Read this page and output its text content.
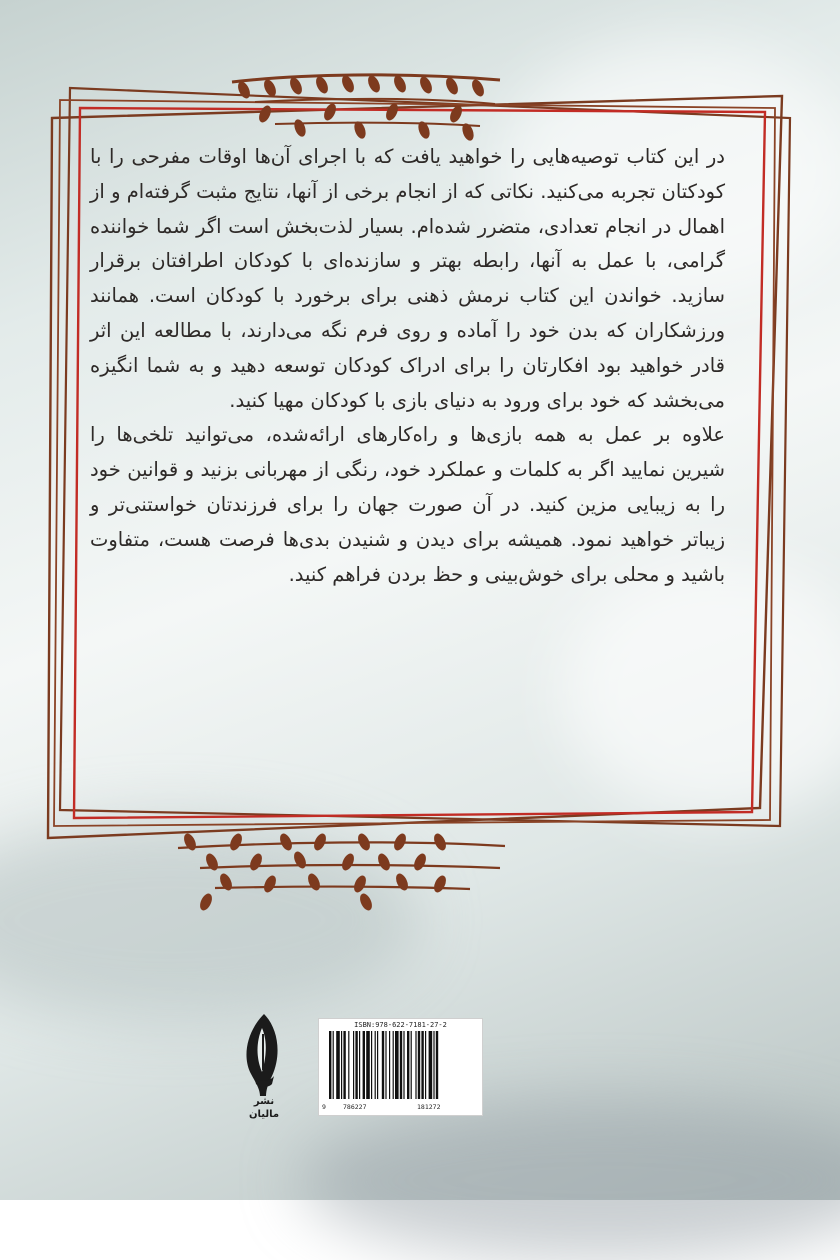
در این کتاب توصیه‌هایی را خواهید یافت که با اجرای آن‌ها اوقات مفرحی را با کودکتان تجربه می‌کنید. نکاتی که از انجام برخی از آنها، نتایج مثبت گرفته‌ام و از اهمال در انجام تعدادی، متضرر شده‌ام. بسیار لذت‌بخش است اگر شما خواننده گرامی، با عمل به آنها، رابطه بهتر و سازنده‌ای با کودکان اطرافتان برقرار سازید. خواندن این کتاب نرمش ذهنی برای برخورد با کودکان است. همانند ورزشکاران که بدن خود را آماده و روی فرم نگه می‌دارند، با مطالعه این اثر قادر خواهید بود افکارتان را برای ادراک کودکان توسعه دهید و به شما انگیزه می‌بخشد که خود برای ورود به دنیای بازی با کودکان مهیا کنید.

علاوه بر عمل به همه بازی‌ها و راه‌کارهای ارائه‌شده، می‌توانید تلخی‌ها را شیرین نمایید اگر به کلمات و عملکرد خود، رنگی از مهربانی بزنید و قوانین خود را به زیبایی مزین کنید. در آن صورت جهان را برای فرزندتان خواستنی‌تر و زیباتر خواهید نمود. همیشه برای دیدن و شنیدن بدی‌ها فرصت هست، متفاوت باشید و محلی برای خوش‌بینی و حظ بردن فراهم کنید.

نشر
مالیان
ISBN:978-622-7181-27-2
9	786227	181272
